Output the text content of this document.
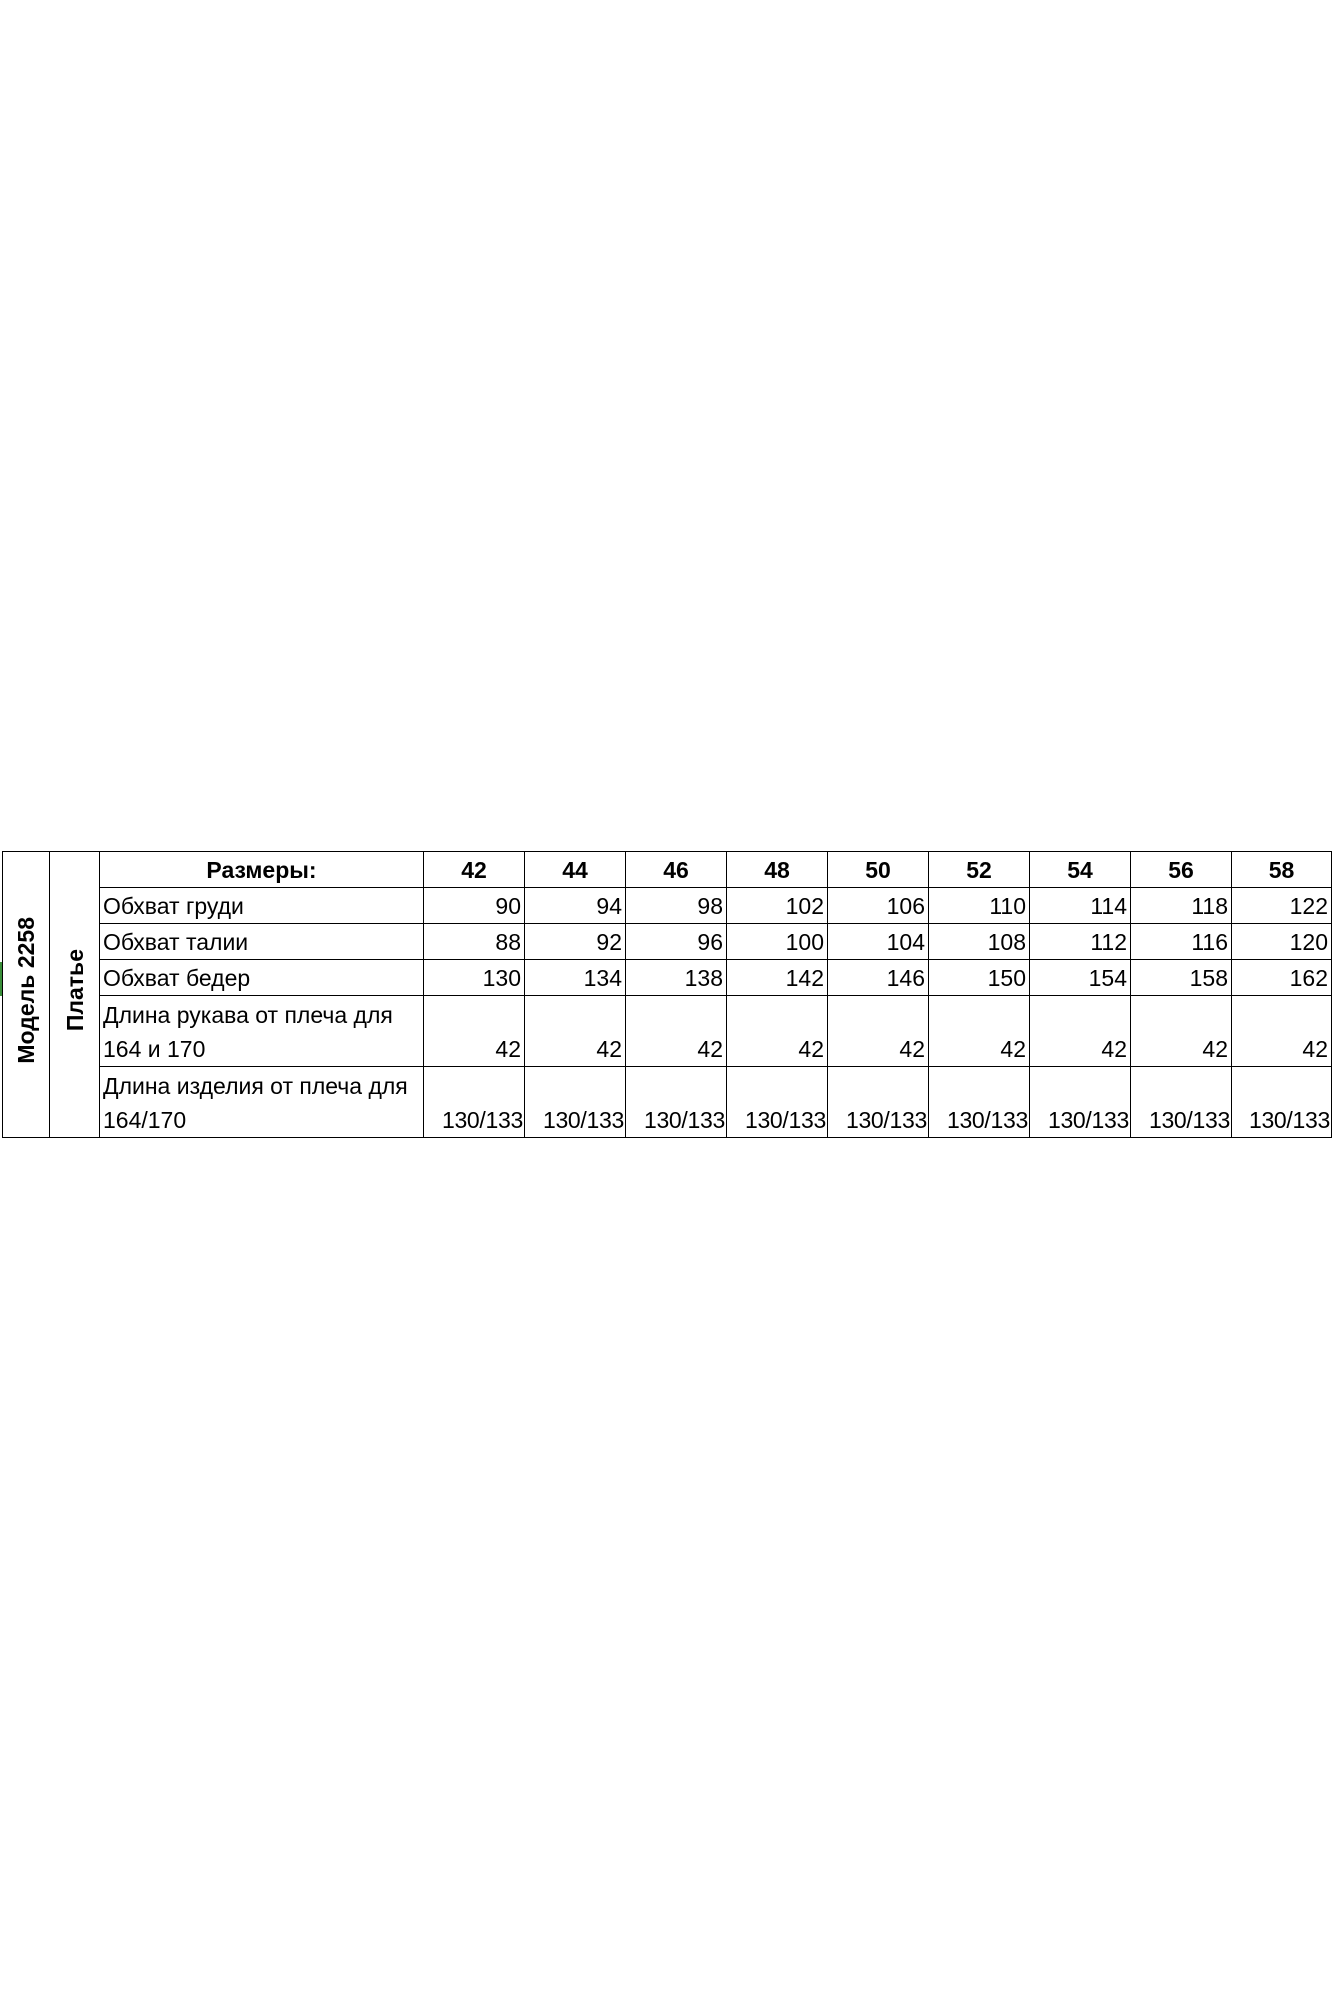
Модель 2258	Платье	Размеры:	42	44	46	48	50	52	54	56	58
		Обхват груди	90	94	98	102	106	110	114	118	122
		Обхват талии	88	92	96	100	104	108	112	116	120
		Обхват бедер	130	134	138	142	146	150	154	158	162
		Длина рукава от плеча для 164 и 170	42	42	42	42	42	42	42	42	42
		Длина изделия от плеча для 164/170	130/133	130/133	130/133	130/133	130/133	130/133	130/133	130/133	130/133
